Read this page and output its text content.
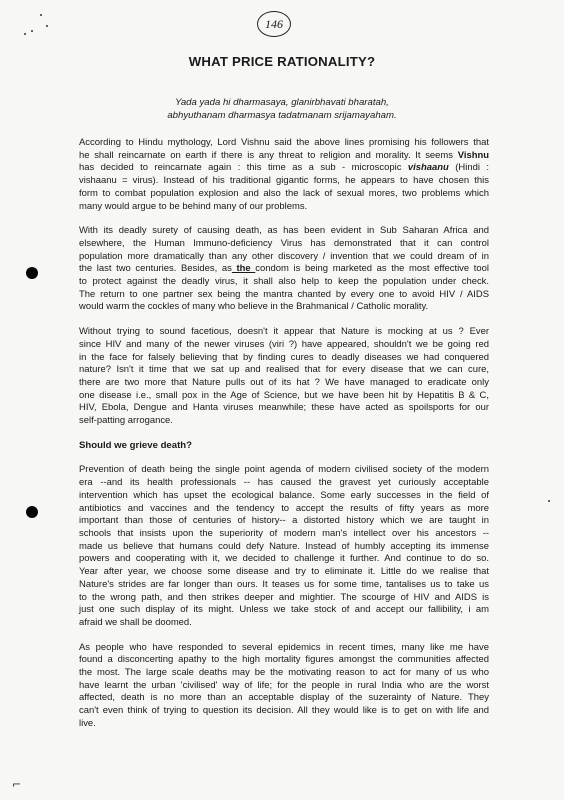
⌐
146
WHAT PRICE RATIONALITY?
Yada yada hi dharmasaya, glanirbhavati bharatah,
abhyuthanam dharmasya tadatmanam srijamayaham.

According to Hindu mythology, Lord Vishnu said the above lines promising his followers that
he shall reincarnate on earth if there is any threat to religion and morality. It seems Vishnu
has decided to reincarnate again : this time as a sub - microscopic vishaanu (Hindi :
vishaanu = virus). Instead of his traditional gigantic forms, he appears to have chosen this
form to combat population explosion and also the lack of sexual mores, two problems which
many would argue to be behind many of our problems.

With its deadly surety of causing death, as has been evident in Sub Saharan Africa and
elsewhere, the Human Immuno-deficiency Virus has demonstrated that it can control
population more dramatically than any other discovery / invention that we could dream of in
the last two centuries. Besides, as the condom is being marketed as the most effective tool
to protect against the deadly virus, it shall also help to keep the population under check.
The return to one partner sex being the mantra chanted by every one to avoid HIV / AIDS
would warm the cockles of many who believe in the Brahmanical / Catholic morality.

Without trying to sound facetious, doesn't it appear that Nature is mocking at us ? Ever
since HIV and many of the newer viruses (viri ?) have appeared, shouldn't we be going red
in the face for falsely believing that by finding cures to deadly diseases we had conquered
nature? Isn't it time that we sat up and realised that for every disease that we can cure,
there are two more that Nature pulls out of its hat ? We have managed to eradicate only
one disease i.e., small pox in the Age of Science, but we have been hit by Hepatitis B & C,
HIV, Ebola, Dengue and Hanta viruses meanwhile; these have acted as spoilsports for our
self-patting arrogance.

Should we grieve death?

Prevention of death being the single point agenda of modern civilised society of the modern
era --and its health professionals -- has caused the gravest yet curiously acceptable
intervention which has upset the ecological balance. Some early successes in the field of
antibiotics and vaccines and the tendency to accept the results of fifty years as more
important than those of centuries of history-- a distorted history which we are taught in
schools that insists upon the superiority of modern man's intellect over his ancestors --
made us believe that humans could defy Nature. Instead of humbly accepting its immense
powers and cooperating with it, we decided to challenge it further. And continue to do so.
Year after year, we choose some disease and try to eliminate it. Little do we realise that
Nature's strides are far longer than ours. It teases us for some time, tantalises us to take us
to the wrong path, and then strikes deeper and mightier. The scourge of HIV and AIDS is
just one such display of its might. Unless we take stock of and accept our fallibility, i am
afraid we shall be doomed.

As people who have responded to several epidemics in recent times, many like me have
found a disconcerting apathy to the high mortality figures amongst the communities affected
the most. The large scale deaths may be the motivating reason to act for many of us who
have learnt the urban 'civilised' way of life; for the people in rural India who are the worst
affected, death is no more than an acceptable display of the suzerainty of Nature. They
can't even think of trying to question its decision. All they would like is to get on with life and
live.
